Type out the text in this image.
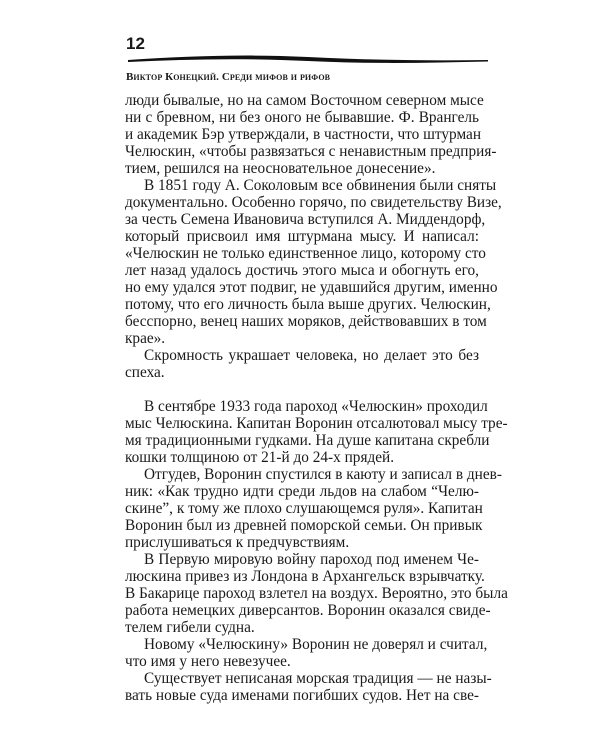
12
Виктор Конецкий. Среди мифов и рифов
люди бывалые, но на самом Восточном северном мысе
ни с бревном, ни без оного не бывавшие. Ф. Врангель
и академик Бэр утверждали, в частности, что штурман
Челюскин, «чтобы развязаться с ненавистным предприя-
тием, решился на неосновательное донесение».
В 1851 году А. Соколовым все обвинения были сняты
документально. Особенно горячо, по свидетельству Визе,
за честь Семена Ивановича вступился А. Миддендорф,
который присвоил имя штурмана мысу. И написал:
«Челюскин не только единственное лицо, которому сто
лет назад удалось достичь этого мыса и обогнуть его,
но ему удался этот подвиг, не удавшийся другим, именно
потому, что его личность была выше других. Челюскин,
бесспорно, венец наших моряков, действовавших в том
крае».
Скромность украшает человека, но делает это без
спеха.
В сентябре 1933 года пароход «Челюскин» проходил
мыс Челюскина. Капитан Воронин отсалютовал мысу тре-
мя традиционными гудками. На душе капитана скребли
кошки толщиною от 21-й до 24-х прядей.
Отгудев, Воронин спустился в каюту и записал в днев-
ник: «Как трудно идти среди льдов на слабом “Челю-
скине”, к тому же плохо слушающемся руля». Капитан
Воронин был из древней поморской семьи. Он привык
прислушиваться к предчувствиям.
В Первую мировую войну пароход под именем Че-
люскина привез из Лондона в Архангельск взрывчатку.
В Бакарице пароход взлетел на воздух. Вероятно, это была
работа немецких диверсантов. Воронин оказался свиде-
телем гибели судна.
Новому «Челюскину» Воронин не доверял и считал,
что имя у него невезучее.
Существует неписаная морская традиция — не назы-
вать новые суда именами погибших судов. Нет на све-
